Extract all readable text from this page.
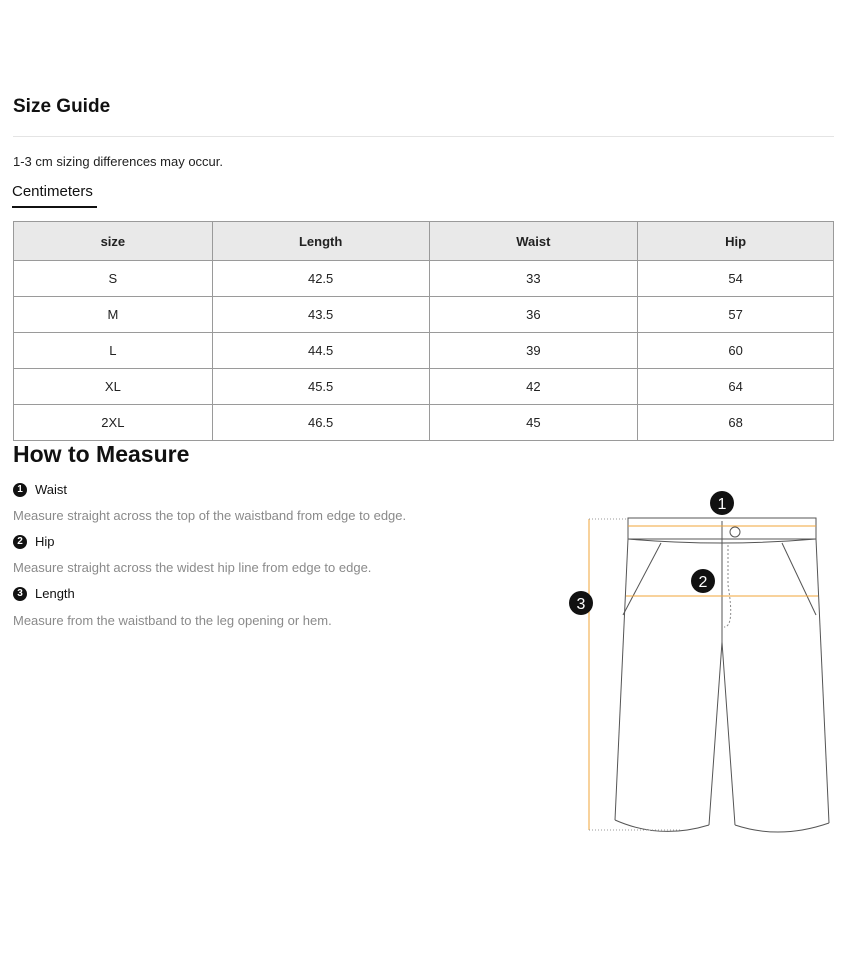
Size Guide
1-3 cm sizing differences may occur.
Centimeters
size	Length	Waist	Hip
S	42.5	33	54
M	43.5	36	57
L	44.5	39	60
XL	45.5	42	64
2XL	46.5	45	68
How to Measure
1 Waist
Measure straight across the top of the waistband from edge to edge.
2 Hip
Measure straight across the widest hip line from edge to edge.
3 Length
Measure from the waistband to the leg opening or hem.
1
2
3
